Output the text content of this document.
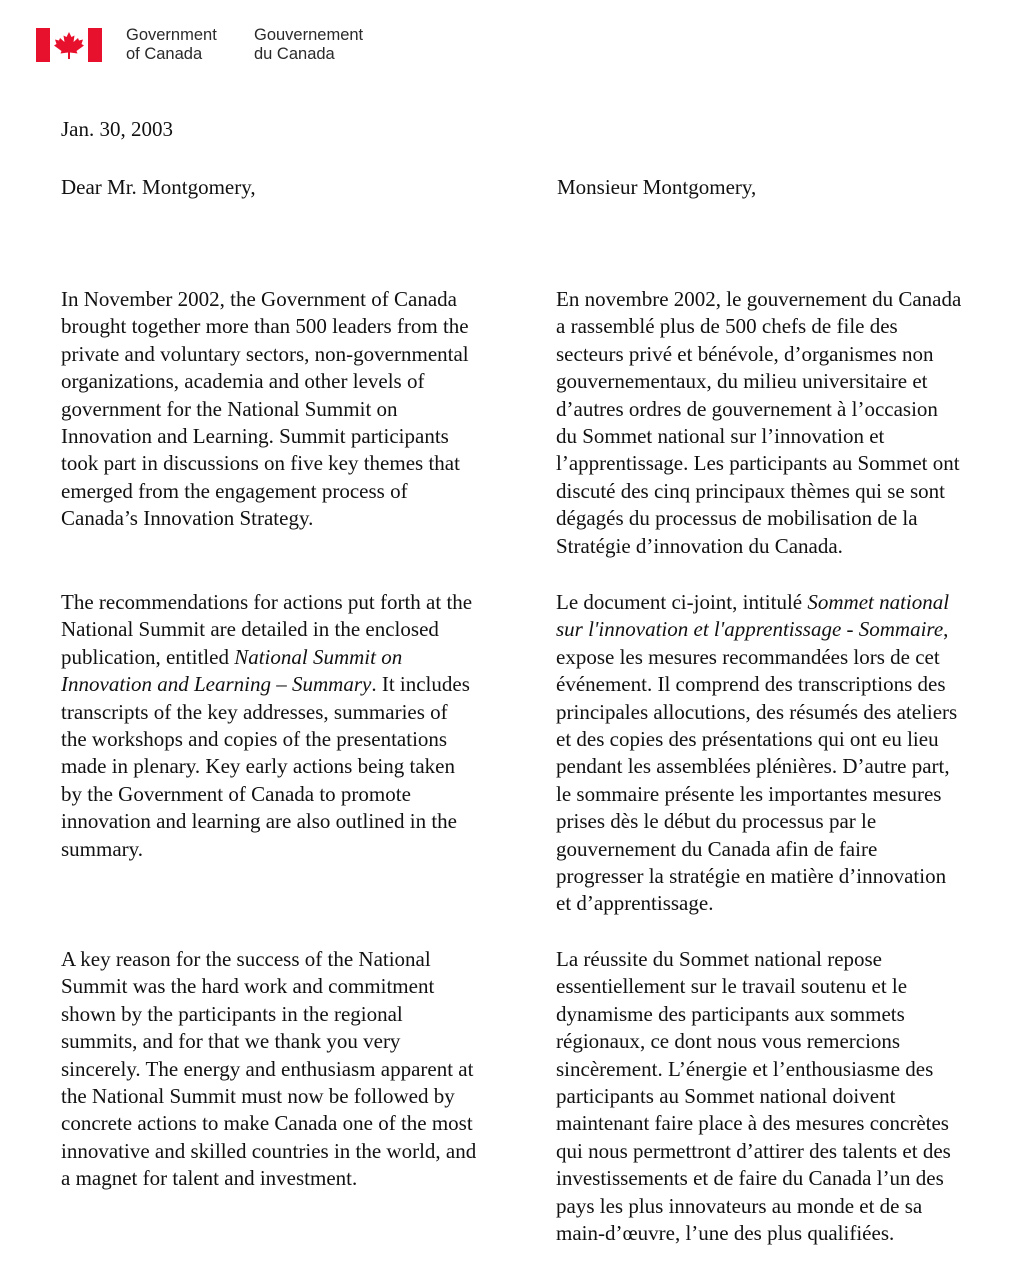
Government
of Canada
Gouvernement
du Canada
Jan. 30, 2003
Dear Mr. Montgomery,	Monsieur Montgomery,
In November 2002, the Government of Canada
brought together more than 500 leaders from the
private and voluntary sectors, non-governmental
organizations, academia and other levels of
government for the National Summit on
Innovation and Learning. Summit participants
took part in discussions on five key themes that
emerged from the engagement process of
Canada’s Innovation Strategy.
En novembre 2002, le gouvernement du Canada
a rassemblé plus de 500 chefs de file des
secteurs privé et bénévole, d’organismes non
gouvernementaux, du milieu universitaire et
d’autres ordres de gouvernement à l’occasion
du Sommet national sur l’innovation et
l’apprentissage. Les participants au Sommet ont
discuté des cinq principaux thèmes qui se sont
dégagés du processus de mobilisation de la
Stratégie d’innovation du Canada.
The recommendations for actions put forth at the
National Summit are detailed in the enclosed
publication, entitled National Summit on
Innovation and Learning – Summary. It includes
transcripts of the key addresses, summaries of
the workshops and copies of the presentations
made in plenary. Key early actions being taken
by the Government of Canada to promote
innovation and learning are also outlined in the
summary.
Le document ci-joint, intitulé Sommet national
sur l'innovation et l'apprentissage - Sommaire,
expose les mesures recommandées lors de cet
événement. Il comprend des transcriptions des
principales allocutions, des résumés des ateliers
et des copies des présentations qui ont eu lieu
pendant les assemblées plénières. D’autre part,
le sommaire présente les importantes mesures
prises dès le début du processus par le
gouvernement du Canada afin de faire
progresser la stratégie en matière d’innovation
et d’apprentissage.
A key reason for the success of the National
Summit was the hard work and commitment
shown by the participants in the regional
summits, and for that we thank you very
sincerely. The energy and enthusiasm apparent at
the National Summit must now be followed by
concrete actions to make Canada one of the most
innovative and skilled countries in the world, and
a magnet for talent and investment.
La réussite du Sommet national repose
essentiellement sur le travail soutenu et le
dynamisme des participants aux sommets
régionaux, ce dont nous vous remercions
sincèrement. L’énergie et l’enthousiasme des
participants au Sommet national doivent
maintenant faire place à des mesures concrètes
qui nous permettront d’attirer des talents et des
investissements et de faire du Canada l’un des
pays les plus innovateurs au monde et de sa
main-d’œuvre, l’une des plus qualifiées.
